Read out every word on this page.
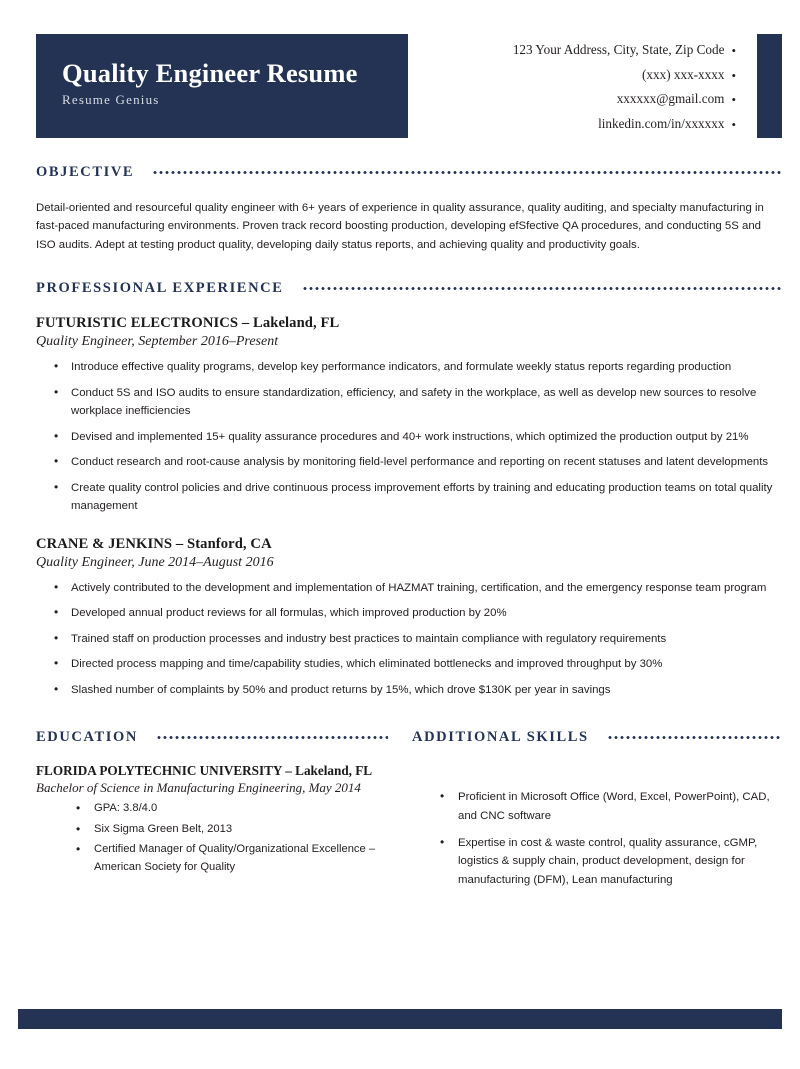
Quality Engineer Resume
Resume Genius
123 Your Address, City, State, Zip Code •
(xxx) xxx-xxxx •
xxxxxx@gmail.com •
linkedin.com/in/xxxxxx •
OBJECTIVE
Detail-oriented and resourceful quality engineer with 6+ years of experience in quality assurance, quality auditing, and specialty manufacturing in fast-paced manufacturing environments. Proven track record boosting production, developing efSfective QA procedures, and conducting 5S and ISO audits. Adept at testing product quality, developing daily status reports, and achieving quality and productivity goals.
PROFESSIONAL EXPERIENCE
FUTURISTIC ELECTRONICS – Lakeland, FL
Quality Engineer, September 2016–Present
• Introduce effective quality programs, develop key performance indicators, and formulate weekly status reports regarding production
• Conduct 5S and ISO audits to ensure standardization, efficiency, and safety in the workplace, as well as develop new sources to resolve workplace inefficiencies
• Devised and implemented 15+ quality assurance procedures and 40+ work instructions, which optimized the production output by 21%
• Conduct research and root-cause analysis by monitoring field-level performance and reporting on recent statuses and latent developments
• Create quality control policies and drive continuous process improvement efforts by training and educating production teams on total quality management
CRANE & JENKINS – Stanford, CA
Quality Engineer, June 2014–August 2016
• Actively contributed to the development and implementation of HAZMAT training, certification, and the emergency response team program
• Developed annual product reviews for all formulas, which improved production by 20%
• Trained staff on production processes and industry best practices to maintain compliance with regulatory requirements
• Directed process mapping and time/capability studies, which eliminated bottlenecks and improved throughput by 30%
• Slashed number of complaints by 50% and product returns by 15%, which drove $130K per year in savings
EDUCATION
FLORIDA POLYTECHNIC UNIVERSITY – Lakeland, FL
Bachelor of Science in Manufacturing Engineering, May 2014
• GPA: 3.8/4.0
• Six Sigma Green Belt, 2013
• Certified Manager of Quality/Organizational Excellence – American Society for Quality
ADDITIONAL SKILLS
• Proficient in Microsoft Office (Word, Excel, PowerPoint), CAD, and CNC software
• Expertise in cost & waste control, quality assurance, cGMP, logistics & supply chain, product development, design for manufacturing (DFM), Lean manufacturing
